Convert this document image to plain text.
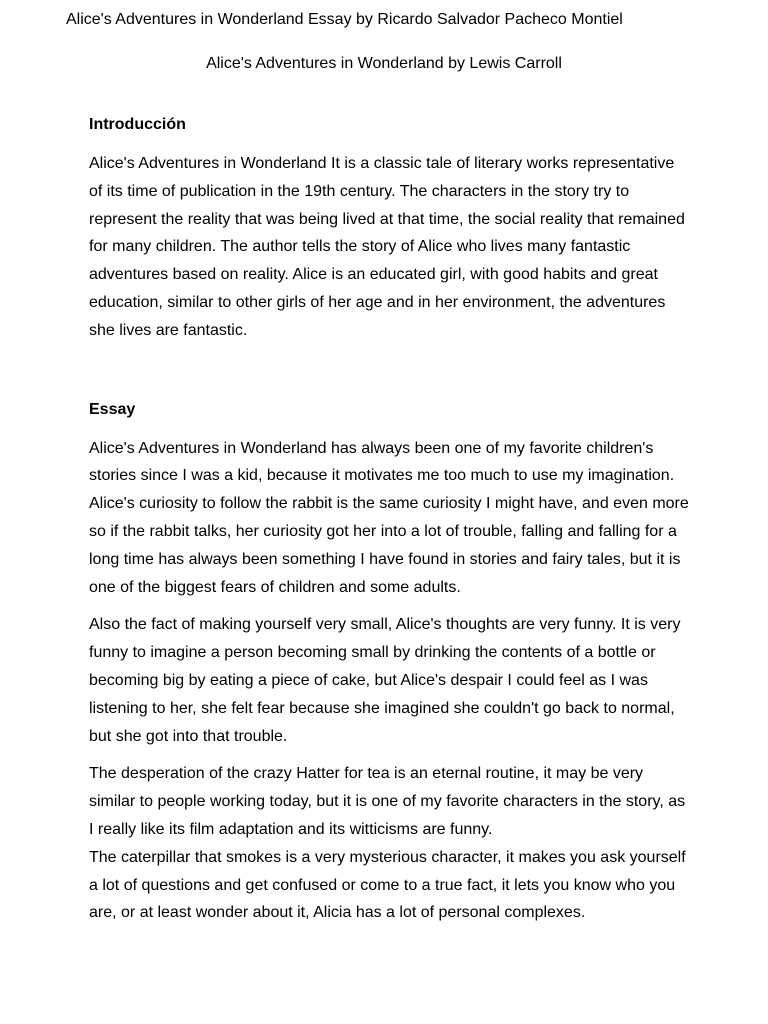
Alice's Adventures in Wonderland Essay by Ricardo Salvador Pacheco Montiel
Alice's Adventures in Wonderland by Lewis Carroll
Introducción

Alice's Adventures in Wonderland It is a classic tale of literary works representative
of its time of publication in the 19th century. The characters in the story try to
represent the reality that was being lived at that time, the social reality that remained
for many children. The author tells the story of Alice who lives many fantastic
adventures based on reality. Alice is an educated girl, with good habits and great
education, similar to other girls of her age and in her environment, the adventures
she lives are fantastic.

Essay

Alice's Adventures in Wonderland has always been one of my favorite children's
stories since I was a kid, because it motivates me too much to use my imagination.
Alice's curiosity to follow the rabbit is the same curiosity I might have, and even more
so if the rabbit talks, her curiosity got her into a lot of trouble, falling and falling for a
long time has always been something I have found in stories and fairy tales, but it is
one of the biggest fears of children and some adults.

Also the fact of making yourself very small, Alice's thoughts are very funny. It is very
funny to imagine a person becoming small by drinking the contents of a bottle or
becoming big by eating a piece of cake, but Alice's despair I could feel as I was
listening to her, she felt fear because she imagined she couldn't go back to normal,
but she got into that trouble.

The desperation of the crazy Hatter for tea is an eternal routine, it may be very
similar to people working today, but it is one of my favorite characters in the story, as
I really like its film adaptation and its witticisms are funny.
The caterpillar that smokes is a very mysterious character, it makes you ask yourself
a lot of questions and get confused or come to a true fact, it lets you know who you
are, or at least wonder about it, Alicia has a lot of personal complexes.
